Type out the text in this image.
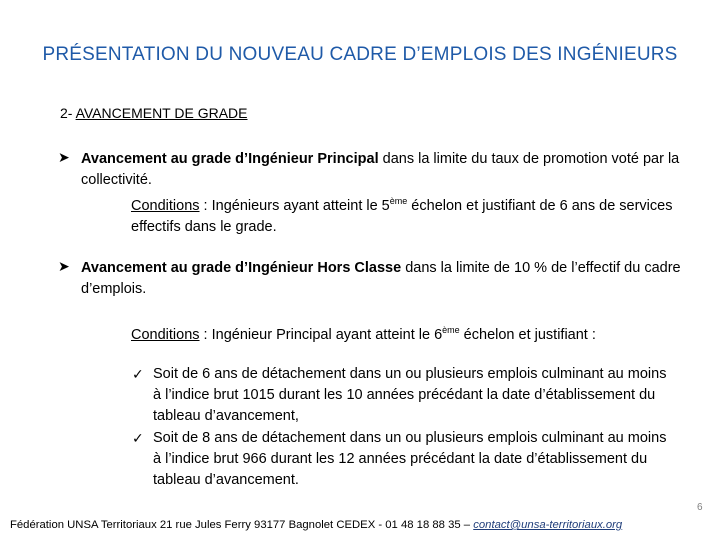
PRÉSENTATION DU NOUVEAU CADRE D’EMPLOIS DES INGÉNIEURS
2- AVANCEMENT DE GRADE
➤ Avancement au grade d’Ingénieur Principal dans la limite du taux de promotion voté par la collectivité.
Conditions : Ingénieurs ayant atteint le 5ème échelon et justifiant de 6 ans de services effectifs dans le grade.
➤ Avancement au grade d’Ingénieur Hors Classe dans la limite de 10 % de l’effectif du cadre d’emplois.
Conditions : Ingénieur Principal ayant atteint le 6ème échelon et justifiant :
✓ Soit de 6 ans de détachement dans un ou plusieurs emplois culminant au moins à l’indice brut 1015 durant les 10 années précédant la date d’établissement du tableau d’avancement,
✓ Soit de 8 ans de détachement dans un ou plusieurs emplois culminant au moins à l’indice brut 966 durant les 12 années précédant la date d’établissement du tableau d’avancement.
6
Fédération UNSA Territoriaux 21 rue Jules Ferry 93177 Bagnolet CEDEX - 01 48 18 88 35 – contact@unsa-territoriaux.org
